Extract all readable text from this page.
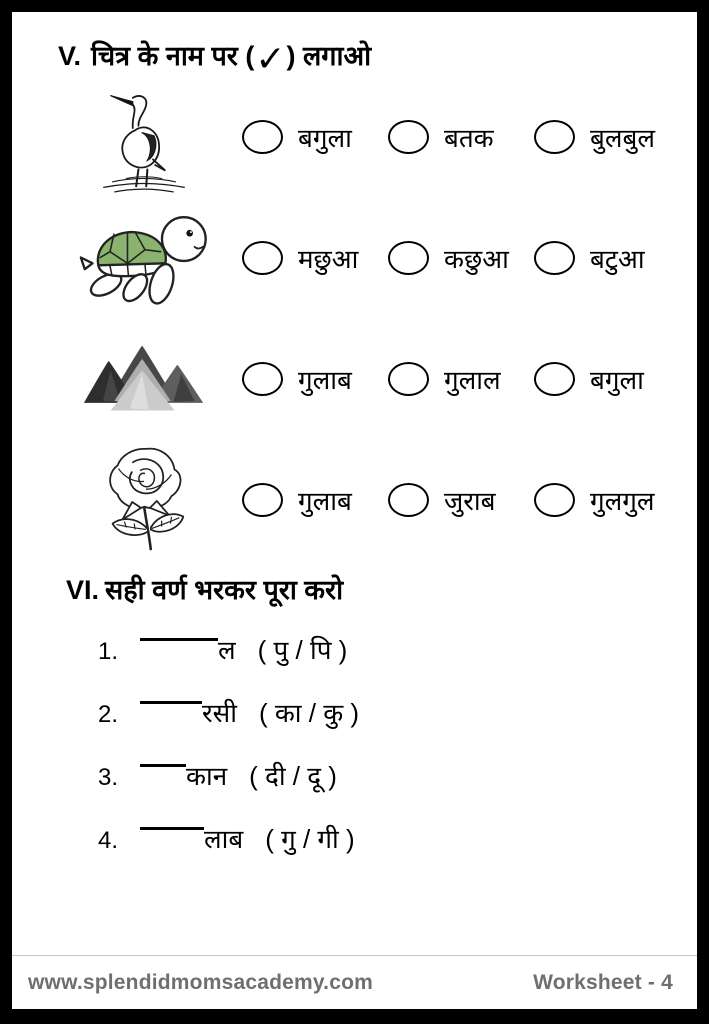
V. चित्र के नाम पर ( ✓ ) लगाओ
बगुला	बतक	बुलबुल
मछुआ	कछुआ	बटुआ
गुलाब	गुलाल	बगुला
गुलाब	जुराब	गुलगुल
VI. सही वर्ण भरकर पूरा करो
1.	ल ( पु / पि )
2.	रसी ( का / कु )
3.	कान ( दी / दू )
4.	लाब ( गु / गी )
www.splendidmomsacademy.com	Worksheet - 4
